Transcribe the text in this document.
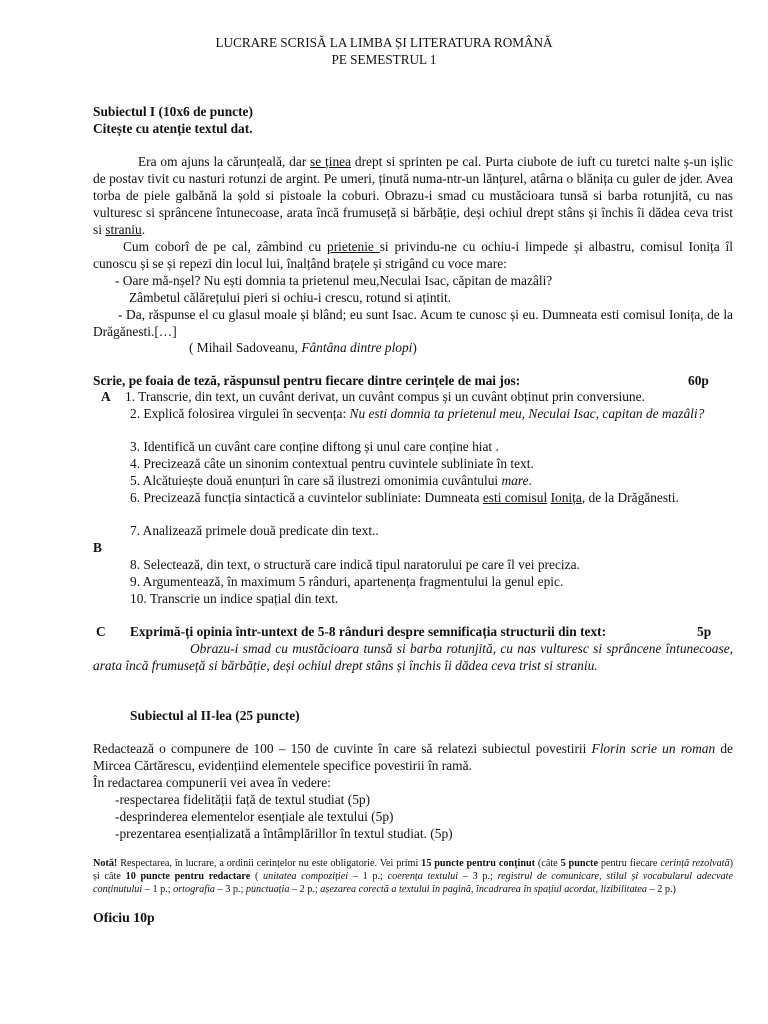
LUCRARE SCRISĂ LA LIMBA ȘI LITERATURA ROMÂNĂ
PE SEMESTRUL 1
Subiectul I (10x6 de puncte)
Citește cu atenție textul dat.
Era om ajuns la cărunțeală, dar se ținea drept si sprinten pe cal. Purta ciubote de iuft cu turetci nalte ș-un ișlic de postav tivit cu nasturi rotunzi de argint. Pe umeri, ținută numa-ntr-un lănțurel, atârna o blănița cu guler de jder. Avea torba de piele galbănă la șold si pistoale la coburi. Obrazu-i smad cu mustăcioara tunsă si barba rotunjită, cu nas vulturesc si sprâncene întunecoase, arata încă frumuseță si bărbăție, deși ochiul drept stâns și închis îi dădea ceva trist si straniu.
Cum coborî de pe cal, zâmbind cu prietenie si privindu-ne cu ochiu-i limpede și albastru, comisul Ionița îl cunoscu și se și repezi din locul lui, înalțând brațele și strigând cu voce mare:
- Oare mă-nșel? Nu ești domnia ta prietenul meu,Neculai Isac, căpitan de mazâli?
Zâmbetul călărețului pieri si ochiu-i crescu, rotund si ațintit.
- Da, răspunse el cu glasul moale și blând; eu sunt Isac. Acum te cunosc și eu. Dumneata esti comisul Ionița, de la Drăgănesti.[…]
( Mihail Sadoveanu, Fântâna dintre plopi)
Scrie, pe foaia de teză, răspunsul pentru fiecare dintre cerințele de mai jos:	60p
A 1. Transcrie, din text, un cuvânt derivat, un cuvânt compus și un cuvânt obținut prin conversiune.
2. Explică folosirea virgulei în secvența: Nu esti domnia ta prietenul meu, Neculai Isac, capitan de mazâli?
3. Identifică un cuvânt care conține diftong și unul care conține hiat .
4. Precizează câte un sinonim contextual pentru cuvintele subliniate în text.
5. Alcătuiește două enunțuri în care să ilustrezi omonimia cuvântului mare.
6. Precizează funcția sintactică a cuvintelor subliniate: Dumneata esti comisul Ionița, de la Drăgănesti.
7. Analizează primele două predicate din text..
B
8. Selectează, din text, o structură care indică tipul naratorului pe care îl vei preciza.
9. Argumentează, în maximum 5 rânduri, apartenența fragmentului la genul epic.
10. Transcrie un indice spațial din text.
C Exprimă-ți opinia într-untext de 5-8 rânduri despre semnificația structurii din text:	5p
Obrazu-i smad cu mustăcioara tunsă si barba rotunjită, cu nas vulturesc si sprâncene întunecoase, arata încă frumuseță si bărbăție, deși ochiul drept stâns și închis îi dădea ceva trist si straniu.
Subiectul al II-lea (25 puncte)
Redactează o compunere de 100 – 150 de cuvinte în care să relatezi subiectul povestirii Florin scrie un roman de Mircea Cărtărescu, evidențiind elementele specifice povestirii în ramă.
În redactarea compunerii vei avea în vedere:
-respectarea fidelității față de textul studiat (5p)
-desprinderea elementelor esențiale ale textului (5p)
-prezentarea esențializată a întâmplărillor în textul studiat. (5p)
Notă! Respectarea, în lucrare, a ordinii cerințelor nu este obligatorie. Vei primi 15 puncte pentru conținut (câte 5 puncte pentru fiecare cerință rezolvată) și câte 10 puncte pentru redactare ( unitatea compoziției – 1 p.; coerența textului – 3 p.; registrul de comunicare, stilul și vocabularul adecvate conținutului – 1 p.; ortografia – 3 p.; punctuația – 2 p.; așezarea corectă a textului în pagină, încadrarea în spațiul acordat, lizibilitatea – 2 p.)
Oficiu 10p
